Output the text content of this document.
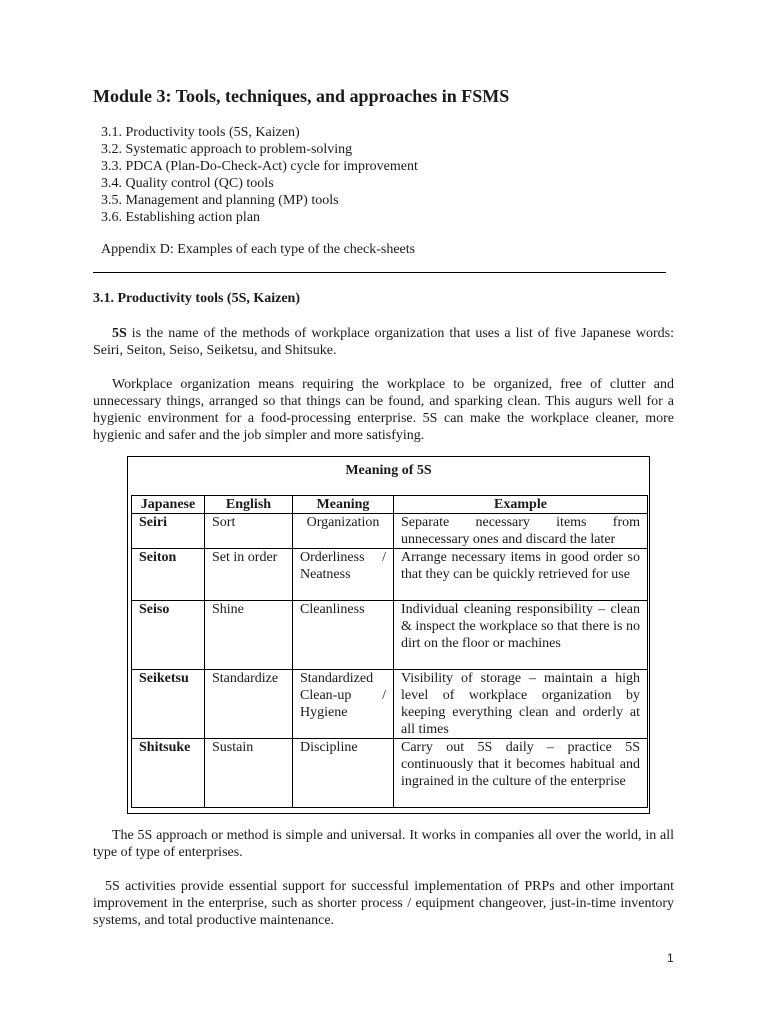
Module 3: Tools, techniques, and approaches in FSMS
3.1. Productivity tools (5S, Kaizen)
3.2. Systematic approach to problem-solving
3.3. PDCA (Plan-Do-Check-Act) cycle for improvement
3.4. Quality control (QC) tools
3.5. Management and planning (MP) tools
3.6. Establishing action plan
Appendix D: Examples of each type of the check-sheets
3.1. Productivity tools (5S, Kaizen)

5S is the name of the methods of workplace organization that uses a list of five Japanese words: Seiri, Seiton, Seiso, Seiketsu, and Shitsuke.

Workplace organization means requiring the workplace to be organized, free of clutter and unnecessary things, arranged so that things can be found, and sparking clean. This augurs well for a hygienic environment for a food-processing enterprise. 5S can make the workplace cleaner, more hygienic and safer and the job simpler and more satisfying.

Meaning of 5S
Japanese	English	Meaning	Example
Seiri	Sort	Organization	Separate necessary items from unnecessary ones and discard the later
Seiton	Set in order	Orderliness / Neatness	Arrange necessary items in good order so that they can be quickly retrieved for use
Seiso	Shine	Cleanliness	Individual cleaning responsibility – clean & inspect the workplace so that there is no dirt on the floor or machines
Seiketsu	Standardize	Standardized Clean-up / Hygiene	Visibility of storage – maintain a high level of workplace organization by keeping everything clean and orderly at all times
Shitsuke	Sustain	Discipline	Carry out 5S daily – practice 5S continuously that it becomes habitual and ingrained in the culture of the enterprise

The 5S approach or method is simple and universal. It works in companies all over the world, in all type of type of enterprises.

5S activities provide essential support for successful implementation of PRPs and other important improvement in the enterprise, such as shorter process / equipment changeover, just-in-time inventory systems, and total productive maintenance.

1
